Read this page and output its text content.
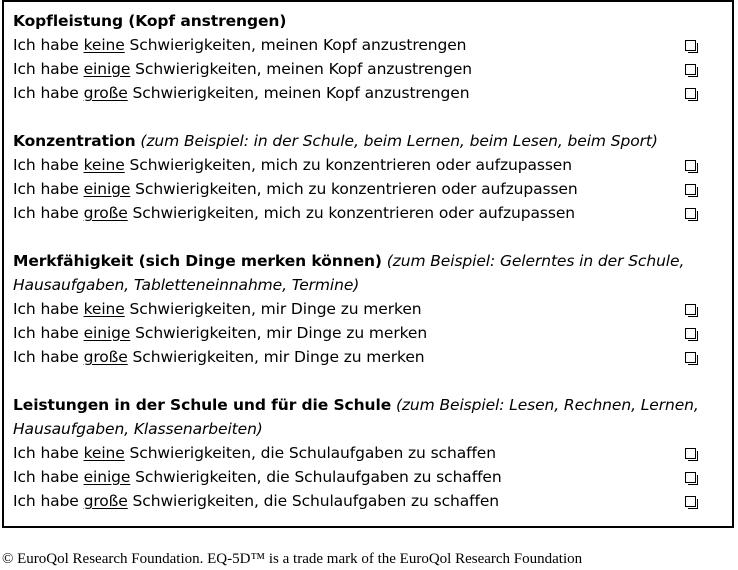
Kopfleistung (Kopf anstrengen)
Ich habe keine Schwierigkeiten, meinen Kopf anzustrengen
Ich habe einige Schwierigkeiten, meinen Kopf anzustrengen
Ich habe große Schwierigkeiten, meinen Kopf anzustrengen
Konzentration (zum Beispiel: in der Schule, beim Lernen, beim Lesen, beim Sport)
Ich habe keine Schwierigkeiten, mich zu konzentrieren oder aufzupassen
Ich habe einige Schwierigkeiten, mich zu konzentrieren oder aufzupassen
Ich habe große Schwierigkeiten, mich zu konzentrieren oder aufzupassen
Merkfähigkeit (sich Dinge merken können) (zum Beispiel: Gelerntes in der Schule,
Hausaufgaben, Tabletteneinnahme, Termine)
Ich habe keine Schwierigkeiten, mir Dinge zu merken
Ich habe einige Schwierigkeiten, mir Dinge zu merken
Ich habe große Schwierigkeiten, mir Dinge zu merken
Leistungen in der Schule und für die Schule (zum Beispiel: Lesen, Rechnen, Lernen,
Hausaufgaben, Klassenarbeiten)
Ich habe keine Schwierigkeiten, die Schulaufgaben zu schaffen
Ich habe einige Schwierigkeiten, die Schulaufgaben zu schaffen
Ich habe große Schwierigkeiten, die Schulaufgaben zu schaffen
© EuroQol Research Foundation. EQ-5D™ is a trade mark of the EuroQol Research Foundation
